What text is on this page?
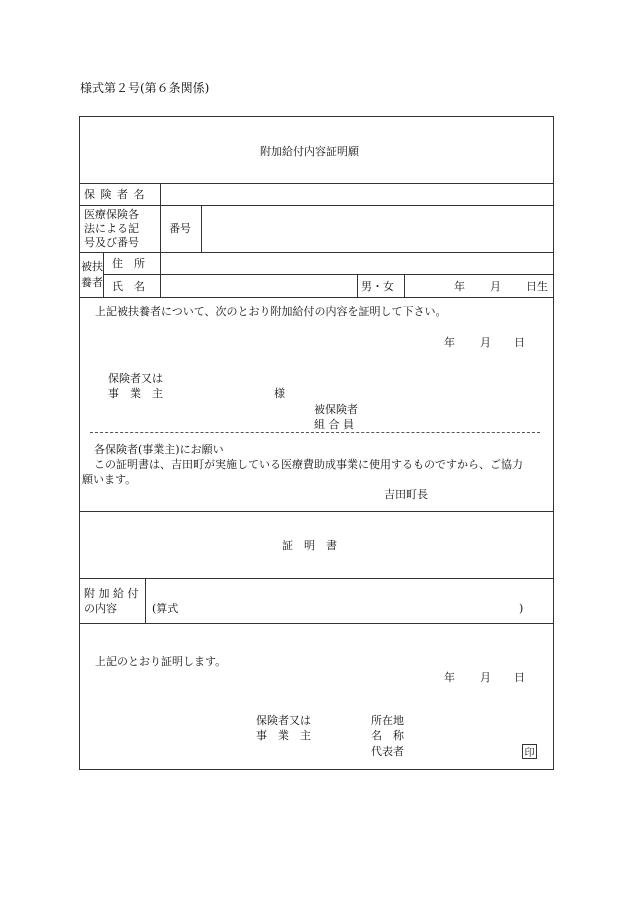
様式第２号(第６条関係)
附加給付内容証明願
保 険 者 名
医療保険各
法による記
号及び番号
番号
被扶
養者
住　所
氏　名	男・女	年 月 日生
上記被扶養者について、次のとおり附加給付の内容を証明して下さい。
年 月 日
保険者又は
事　業　主	様
被保険者
組 合 員
各保険者(事業主)にお願い
この証明書は、吉田町が実施している医療費助成事業に使用するものですから、ご協力
願います。
吉田町長
証　明　書
附 加 給 付
の内容	(算式	)
上記のとおり証明します。
年 月 日
保険者又は
事　業　主
所在地
名　称
代表者	印
